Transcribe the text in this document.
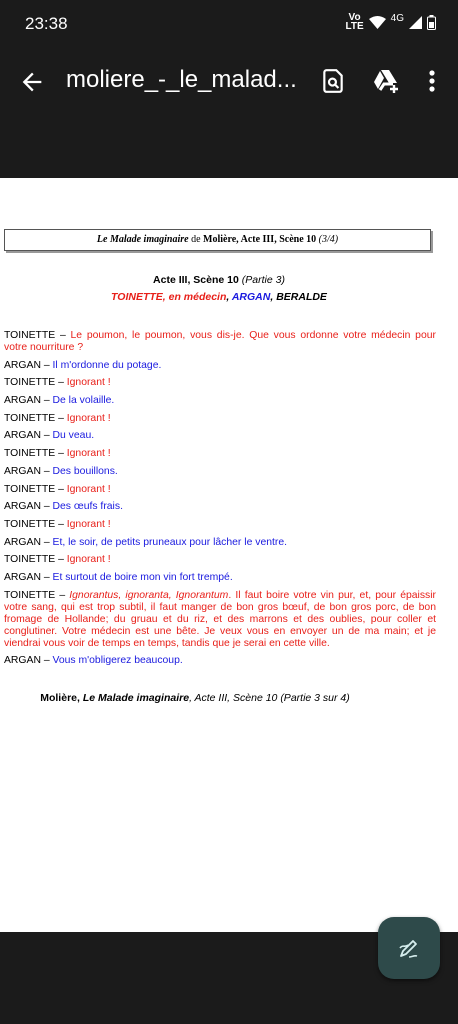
23:38	Vo
LTE
4G
moliere_-_le_malad...
Le Malade imaginaire de Molière, Acte III, Scène 10 (3/4)
Acte III, Scène 10 (Partie 3)
TOINETTE, en médecin, ARGAN, BERALDE

TOINETTE – Le poumon, le poumon, vous dis-je. Que vous ordonne votre médecin pour votre nourriture ?

ARGAN – Il m'ordonne du potage.

TOINETTE – Ignorant !

ARGAN – De la volaille.

TOINETTE – Ignorant !

ARGAN – Du veau.

TOINETTE – Ignorant !

ARGAN – Des bouillons.

TOINETTE – Ignorant !

ARGAN – Des œufs frais.

TOINETTE – Ignorant !

ARGAN – Et, le soir, de petits pruneaux pour lâcher le ventre.

TOINETTE – Ignorant !

ARGAN – Et surtout de boire mon vin fort trempé.

TOINETTE – Ignorantus, ignoranta, Ignorantum. Il faut boire votre vin pur, et, pour épaissir votre sang, qui est trop subtil, il faut manger de bon gros bœuf, de bon gros porc, de bon fromage de Hollande; du gruau et du riz, et des marrons et des oublies, pour coller et conglutiner. Votre médecin est une bête. Je veux vous en envoyer un de ma main; et je viendrai vous voir de temps en temps, tandis que je serai en cette ville.

ARGAN – Vous m'obligerez beaucoup.

Molière, Le Malade imaginaire, Acte III, Scène 10 (Partie 3 sur 4)
